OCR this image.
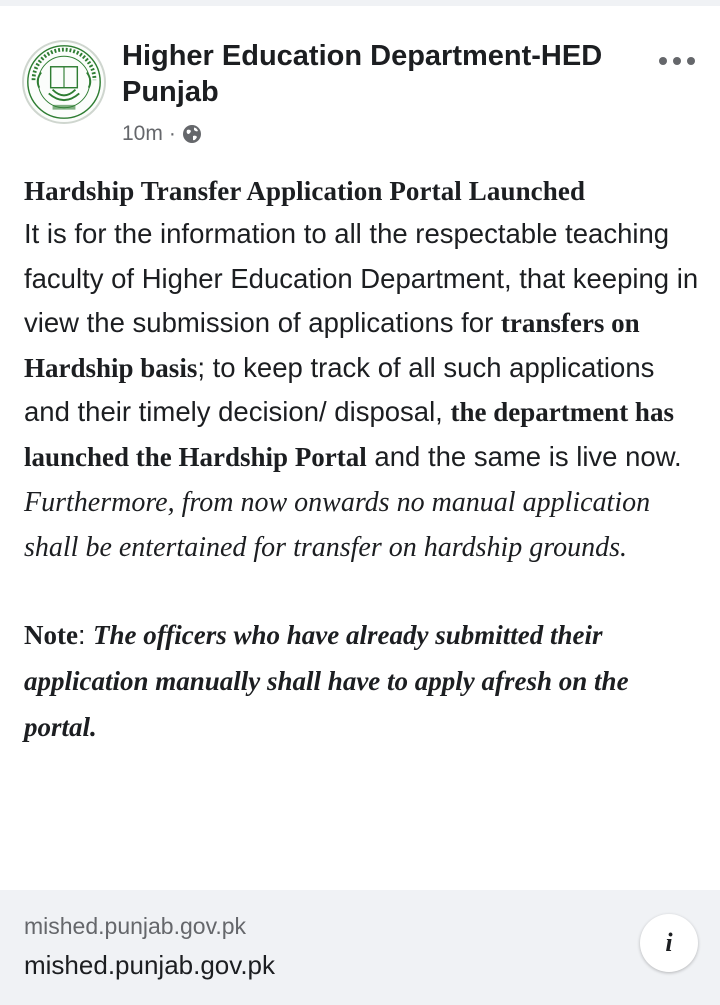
Higher Education Department-HED Punjab
10m ·
Hardship Transfer Application Portal Launched
It is for the information to all the respectable teaching faculty of Higher Education Department, that keeping in view the submission of applications for transfers on Hardship basis; to keep track of all such applications and their timely decision/ disposal, the department has launched the Hardship Portal and the same is live now.
Furthermore, from now onwards no manual application shall be entertained for transfer on hardship grounds.
Note: The officers who have already submitted their application manually shall have to apply afresh on the portal.
mished.punjab.gov.pk
mished.punjab.gov.pk
i
